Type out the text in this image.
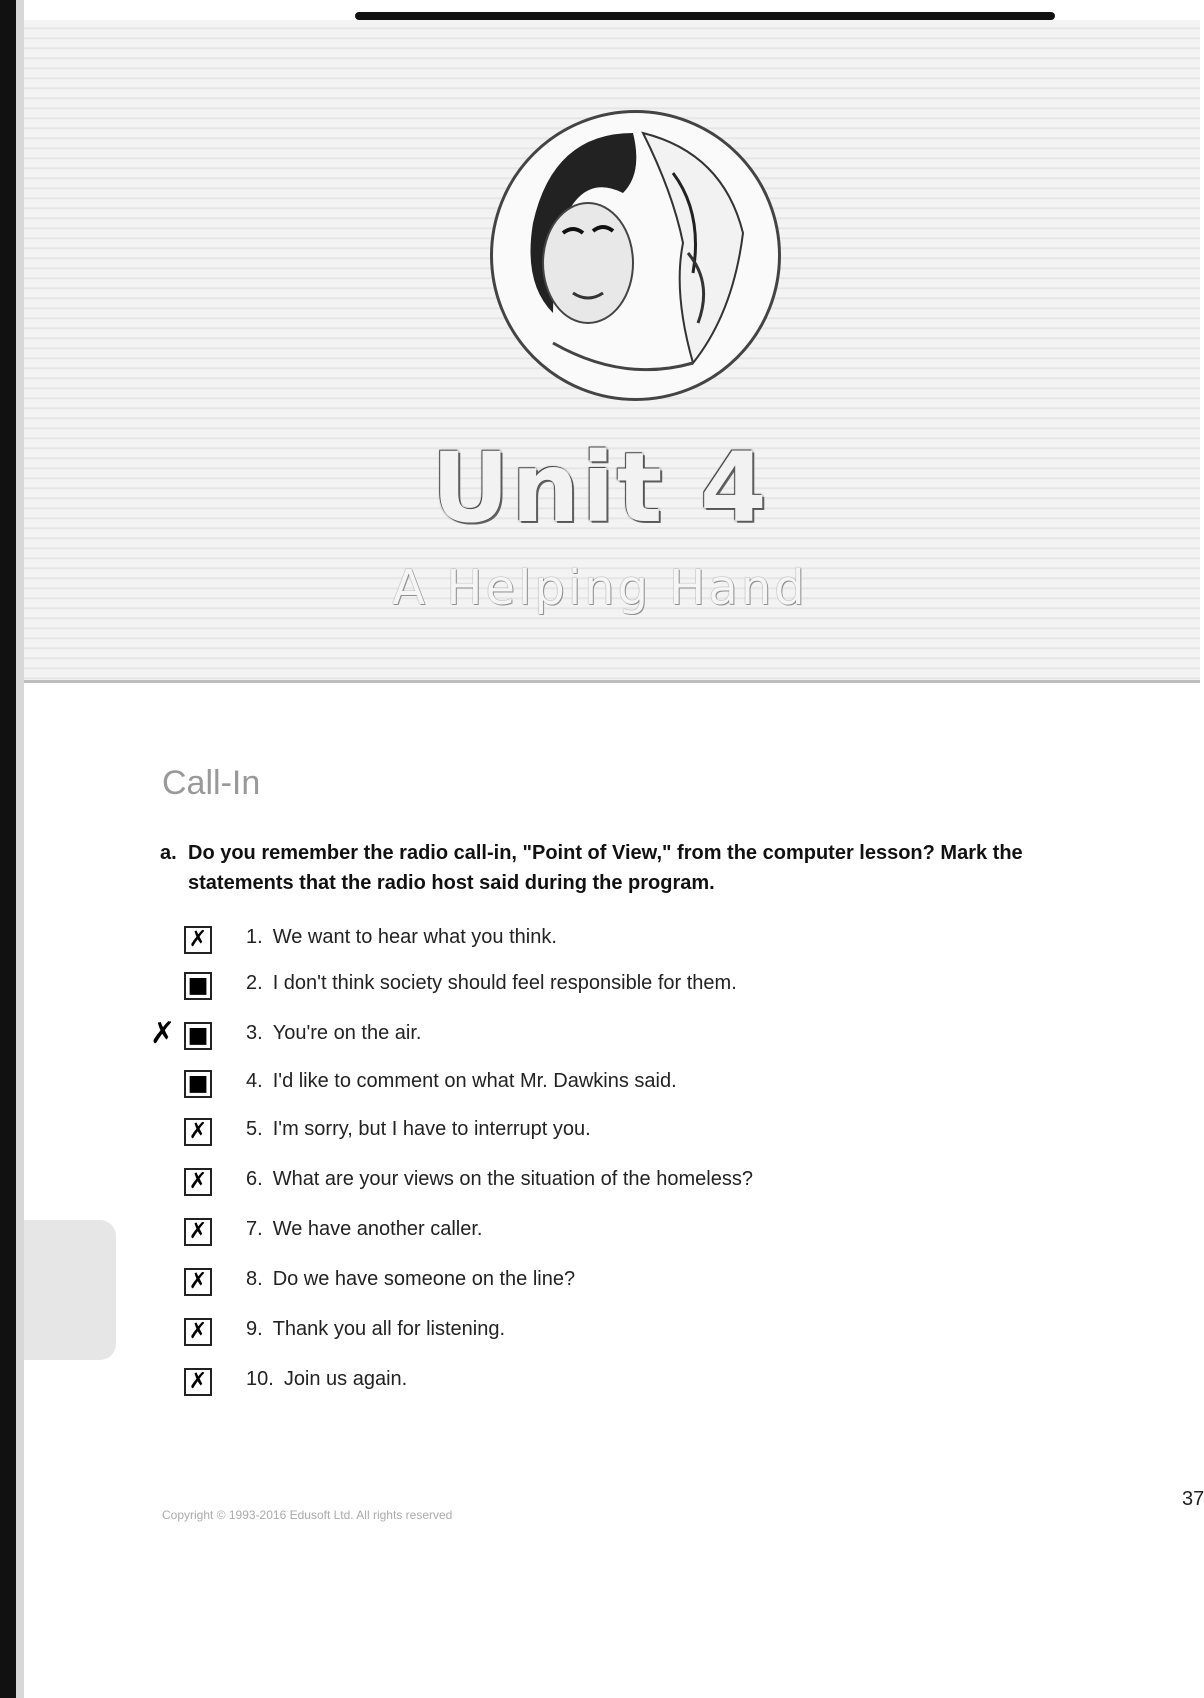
Unit 4
A Helping Hand
Call-In
a. Do you remember the radio call-in, "Point of View," from the computer lesson? Mark the
statements that the radio host said during the program.
✗ 1. We want to hear what you think.
■ 2. I don't think society should feel responsible for them.
✗ ■ 3. You're on the air.
■ 4. I'd like to comment on what Mr. Dawkins said.
✗ 5. I'm sorry, but I have to interrupt you.
✗ 6. What are your views on the situation of the homeless?
✗ 7. We have another caller.
✗ 8. Do we have someone on the line?
✗ 9. Thank you all for listening.
✗ 10. Join us again.
Copyright © 1993-2016 Edusoft Ltd. All rights reserved
37
